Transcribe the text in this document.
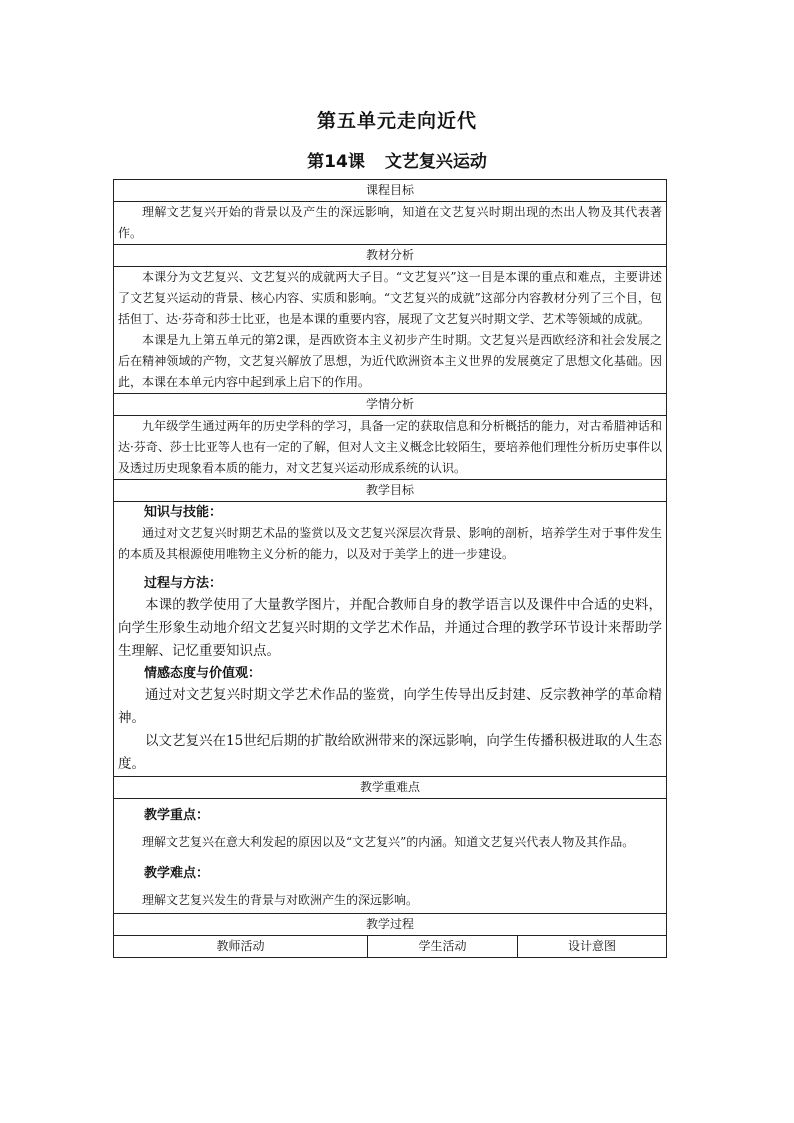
第五单元走向近代
第14课 文艺复兴运动
课程目标

理解文艺复兴开始的背景以及产生的深远影响，知道在文艺复兴时期出现的杰出人物及其代表著作。

教材分析

本课分为文艺复兴、文艺复兴的成就两大子目。“文艺复兴”这一目是本课的重点和难点，主要讲述了文艺复兴运动的背景、核心内容、实质和影响。“文艺复兴的成就”这部分内容教材分列了三个目，包括但丁、达·芬奇和莎士比亚，也是本课的重要内容，展现了文艺复兴时期文学、艺术等领域的成就。

本课是九上第五单元的第2课，是西欧资本主义初步产生时期。文艺复兴是西欧经济和社会发展之后在精神领域的产物，文艺复兴解放了思想，为近代欧洲资本主义世界的发展奠定了思想文化基础。因此，本课在本单元内容中起到承上启下的作用。

学情分析

九年级学生通过两年的历史学科的学习，具备一定的获取信息和分析概括的能力，对古希腊神话和达·芬奇、莎士比亚等人也有一定的了解，但对人文主义概念比较陌生，要培养他们理性分析历史事件以及透过历史现象看本质的能力，对文艺复兴运动形成系统的认识。

教学目标

知识与技能：

通过对文艺复兴时期艺术品的鉴赏以及文艺复兴深层次背景、影响的剖析，培养学生对于事件发生的本质及其根源使用唯物主义分析的能力，以及对于美学上的进一步建设。

过程与方法：

本课的教学使用了大量教学图片，并配合教师自身的教学语言以及课件中合适的史料，向学生形象生动地介绍文艺复兴时期的文学艺术作品，并通过合理的教学环节设计来帮助学生理解、记忆重要知识点。

情感态度与价值观：

通过对文艺复兴时期文学艺术作品的鉴赏，向学生传导出反封建、反宗教神学的革命精神。

以文艺复兴在15世纪后期的扩散给欧洲带来的深远影响，向学生传播积极进取的人生态度。

教学重难点

教学重点：

理解文艺复兴在意大利发起的原因以及“文艺复兴”的内涵。知道文艺复兴代表人物及其作品。

教学难点：

理解文艺复兴发生的背景与对欧洲产生的深远影响。

教学过程
教师活动	学生活动	设计意图
